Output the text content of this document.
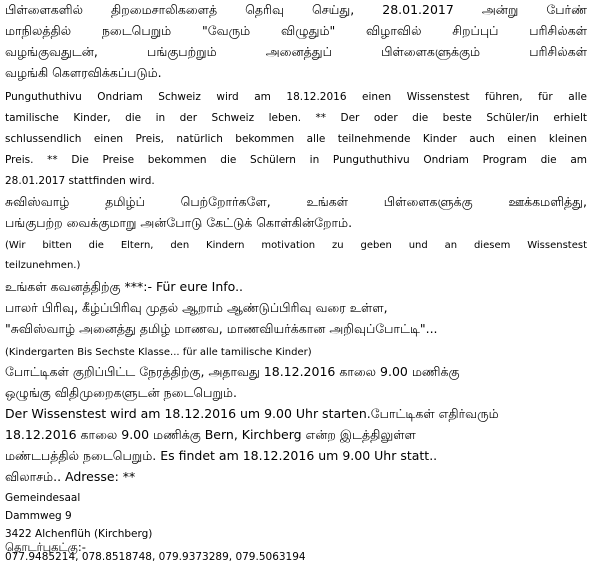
பிள்ளைகளில் திறமைசாலிகளைத் தெரிவு செய்து, 28.01.2017 அன்று பேர்ண்
மாநிலத்தில் நடைபெறும் "வேரும் விழுதும்" விழாவில் சிறப்புப் பரிசில்கள்
வழங்குவதுடன், பங்குபற்றும் அனைத்துப் பிள்ளைகளுக்கும் பரிசில்கள்
வழங்கி கௌரவிக்கப்படும்.
Punguthuthivu Ondriam Schweiz wird am 18.12.2016 einen Wissenstest führen, für alle
tamilische Kinder, die in der Schweiz leben. ** Der oder die beste Schüler/in erhielt
schlussendlich einen Preis, natürlich bekommen alle teilnehmende Kinder auch einen kleinen
Preis. ** Die Preise bekommen die Schülern in Punguthuthivu Ondriam Program die am
28.01.2017 stattfinden wird.
சுவிஸ்வாழ் தமிழ்ப் பெற்றோர்களே, உங்கள் பிள்ளைகளுக்கு ஊக்கமளித்து,
பங்குபற்ற வைக்குமாறு அன்போடு கேட்டுக் கொள்கின்றோம்.
(Wir bitten die Eltern, den Kindern motivation zu geben und an diesem Wissenstest
teilzunehmen.)
உங்கள் கவனத்திற்கு ***:- Für eure Info..
பாலர் பிரிவு, கீழ்ப்பிரிவு முதல் ஆறாம் ஆண்டுப்பிரிவு வரை உள்ள,
"சுவிஸ்வாழ் அனைத்து தமிழ் மாணவ, மாணவியர்க்கான அறிவுப்போட்டி"...
(Kindergarten Bis Sechste Klasse... für alle tamilische Kinder)
போட்டிகள் குறிப்பிட்ட நேரத்திற்கு, அதாவது 18.12.2016 காலை 9.00 மணிக்கு
ஒழுங்கு விதிமுறைகளுடன் நடைபெறும்.
Der Wissenstest wird am 18.12.2016 um 9.00 Uhr starten.போட்டிகள் எதிர்வரும்
18.12.2016 காலை 9.00 மணிக்கு Bern, Kirchberg என்ற இடத்திலுள்ள
மண்டபத்தில் நடைபெறும். Es findet am 18.12.2016 um 9.00 Uhr statt..
விலாசம்.. Adresse: **
Gemeindesaal
Dammweg 9
3422 Alchenflüh (Kirchberg)
தொடர்புகட்கு:-
077.9485214, 078.8518748, 079.9373289, 079.5063194
